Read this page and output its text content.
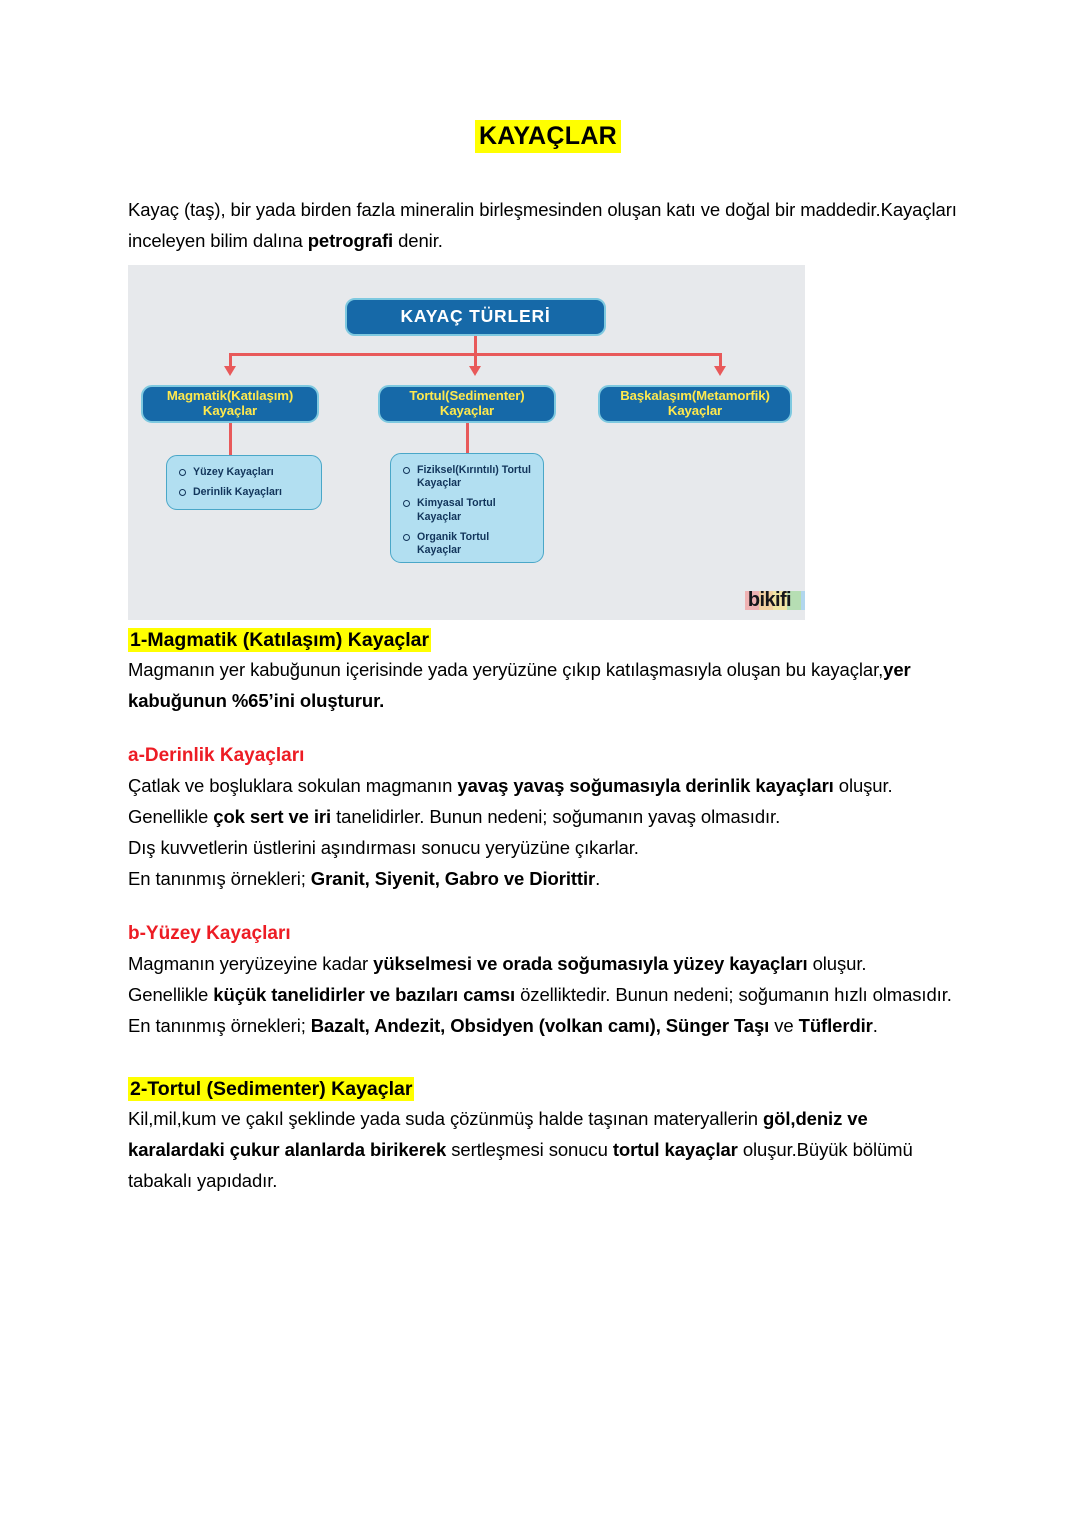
KAYAÇLAR

Kayaç (taş), bir yada birden fazla mineralin birleşmesinden oluşan katı ve doğal bir maddedir.Kayaçları inceleyen bilim dalına petrografi denir.

KAYAÇ TÜRLERİ
Magmatik(Katılaşım)
Kayaçlar
Tortul(Sedimenter)
Kayaçlar
Başkalaşım(Metamorfik)
Kayaçlar
Yüzey Kayaçları
Derinlik Kayaçları
Fiziksel(Kırıntılı) Tortul Kayaçlar
Kimyasal Tortul Kayaçlar
Organik Tortul Kayaçlar
bikifi
1-Magmatik (Katılaşım) Kayaçlar

Magmanın yer kabuğunun içerisinde yada yeryüzüne çıkıp katılaşmasıyla oluşan bu kayaçlar,yer kabuğunun %65’ini oluşturur.

a-Derinlik Kayaçları

Çatlak ve boşluklara sokulan magmanın yavaş yavaş soğumasıyla derinlik kayaçları oluşur.

Genellikle çok sert ve iri tanelidirler. Bunun nedeni; soğumanın yavaş olmasıdır.

Dış kuvvetlerin üstlerini aşındırması sonucu yeryüzüne çıkarlar.

En tanınmış örnekleri; Granit, Siyenit, Gabro ve Diorittir.

b-Yüzey Kayaçları

Magmanın yeryüzeyine kadar yükselmesi ve orada soğumasıyla yüzey kayaçları oluşur.

Genellikle küçük tanelidirler ve bazıları camsı özelliktedir. Bunun nedeni; soğumanın hızlı olmasıdır.

En tanınmış örnekleri; Bazalt, Andezit, Obsidyen (volkan camı), Sünger Taşı ve Tüflerdir.

2-Tortul (Sedimenter) Kayaçlar

Kil,mil,kum ve çakıl şeklinde yada suda çözünmüş halde taşınan materyallerin göl,deniz ve karalardaki çukur alanlarda birikerek sertleşmesi sonucu tortul kayaçlar oluşur.Büyük bölümü tabakalı yapıdadır.
